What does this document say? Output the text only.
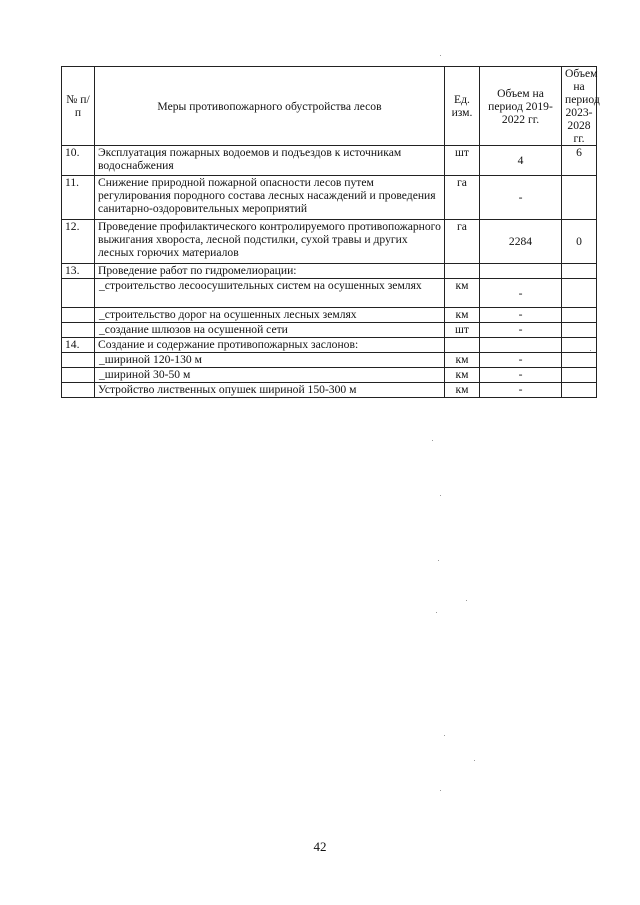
№ п/п	Меры противопожарного обустройства лесов	Ед. изм.	Объем на период 2019-2022 гг.	Объем на период 2023-2028 гг.
10.	Эксплуатация пожарных водоемов и подъездов к источникам водоснабжения	шт	4	6
11.	Снижение природной пожарной опасности лесов путем регулирования породного состава лесных насаждений и проведения санитарно-оздоровительных мероприятий	га	-	
12.	Проведение профилактического контролируемого противопожарного выжигания хвороста, лесной подстилки, сухой травы и других лесных горючих материалов	га	2284	0
13.	Проведение работ по гидромелиорации:			
	_строительство лесоосушительных систем на осушенных землях	км	-	
	_строительство дорог на осушенных лесных землях	км	-	
	_создание шлюзов на осушенной сети	шт	-	
14.	Создание и содержание противопожарных заслонов:			
	_шириной 120-130 м	км	-	
	_шириной 30-50 м	км	-	
	Устройство лиственных опушек шириной 150-300 м	км	-	
42
